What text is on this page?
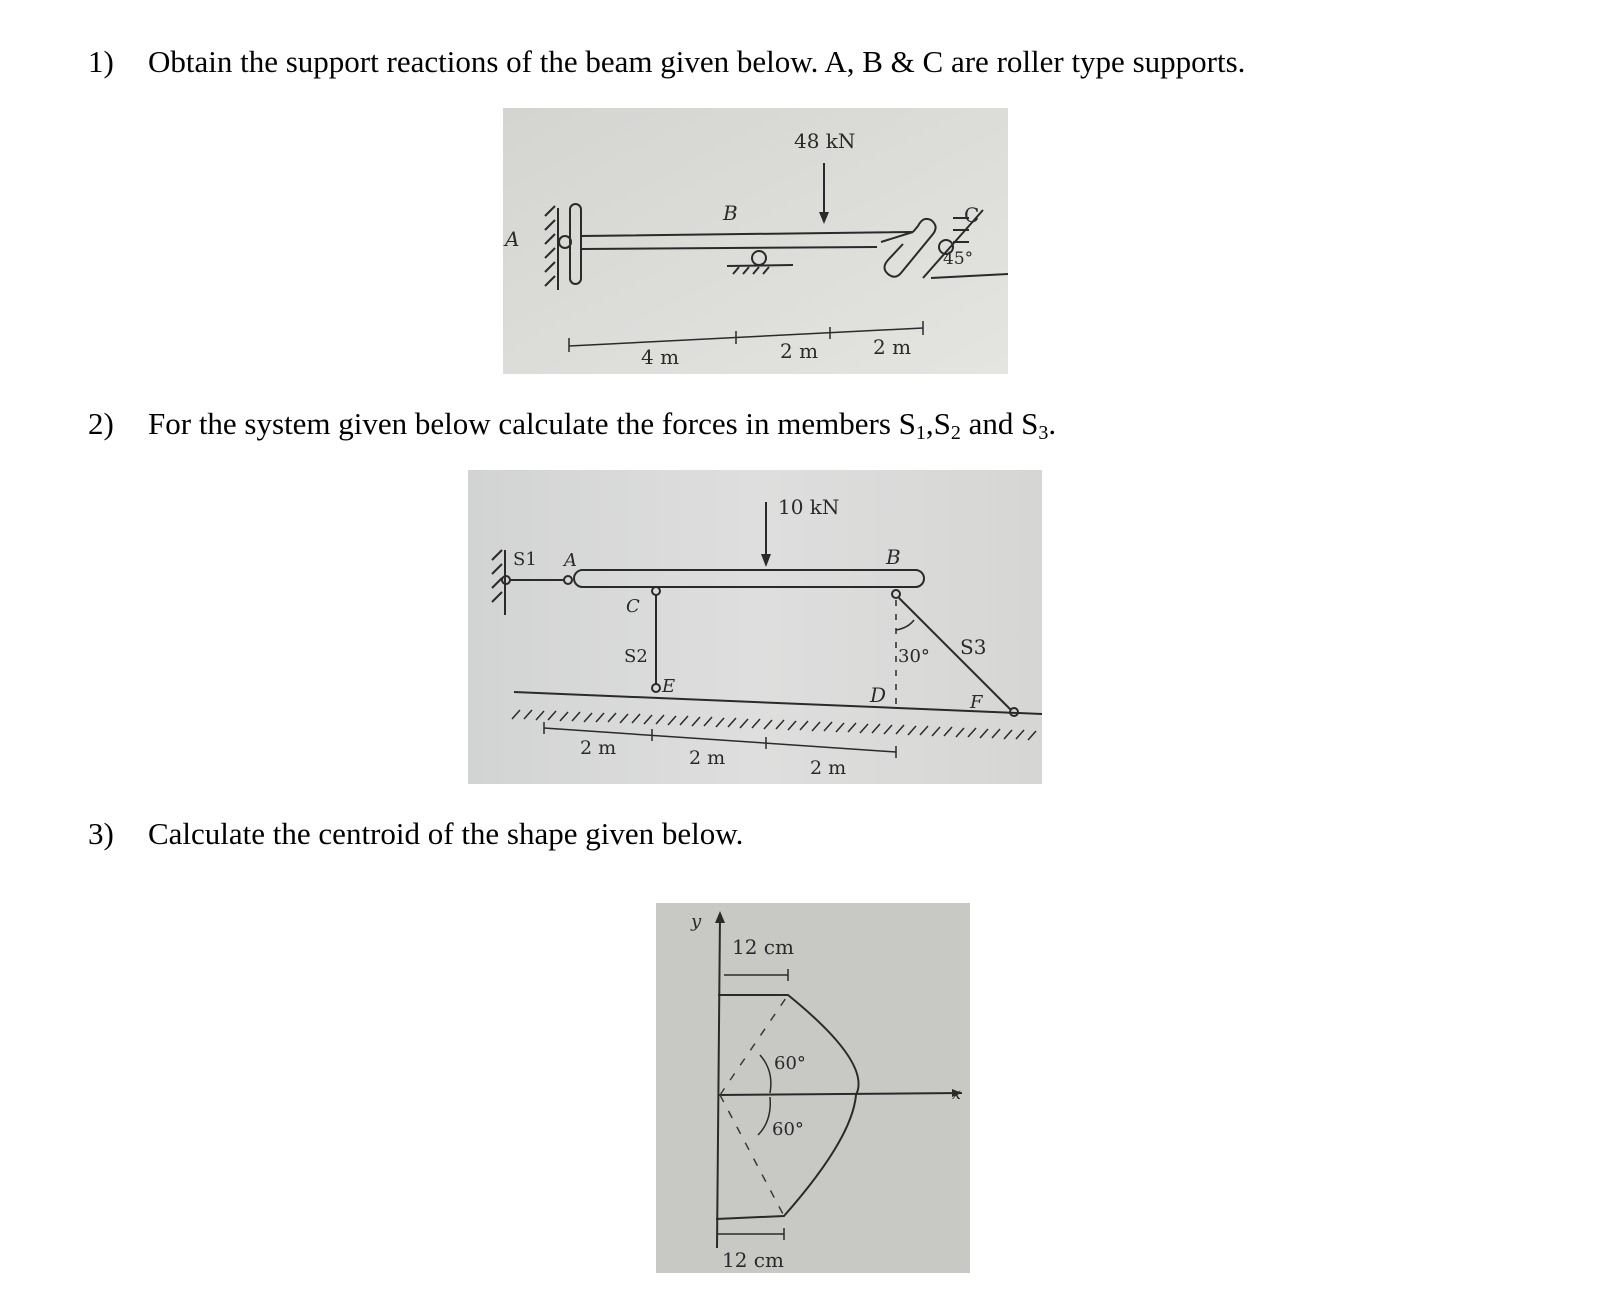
1) Obtain the support reactions of the beam given below. A, B & C are roller type supports.
48 kN
B
A
C
45°
4 m	2 m	2 m
2) For the system given below calculate the forces in members $S_1,S_2$ and $S_3$.
10 kN
S1 A	B
C
S2
E	D	F
30° S3
2 m	2 m	2 m
3) Calculate the centroid of the shape given below.
y
x
12 cm
12 cm
60°
60°
